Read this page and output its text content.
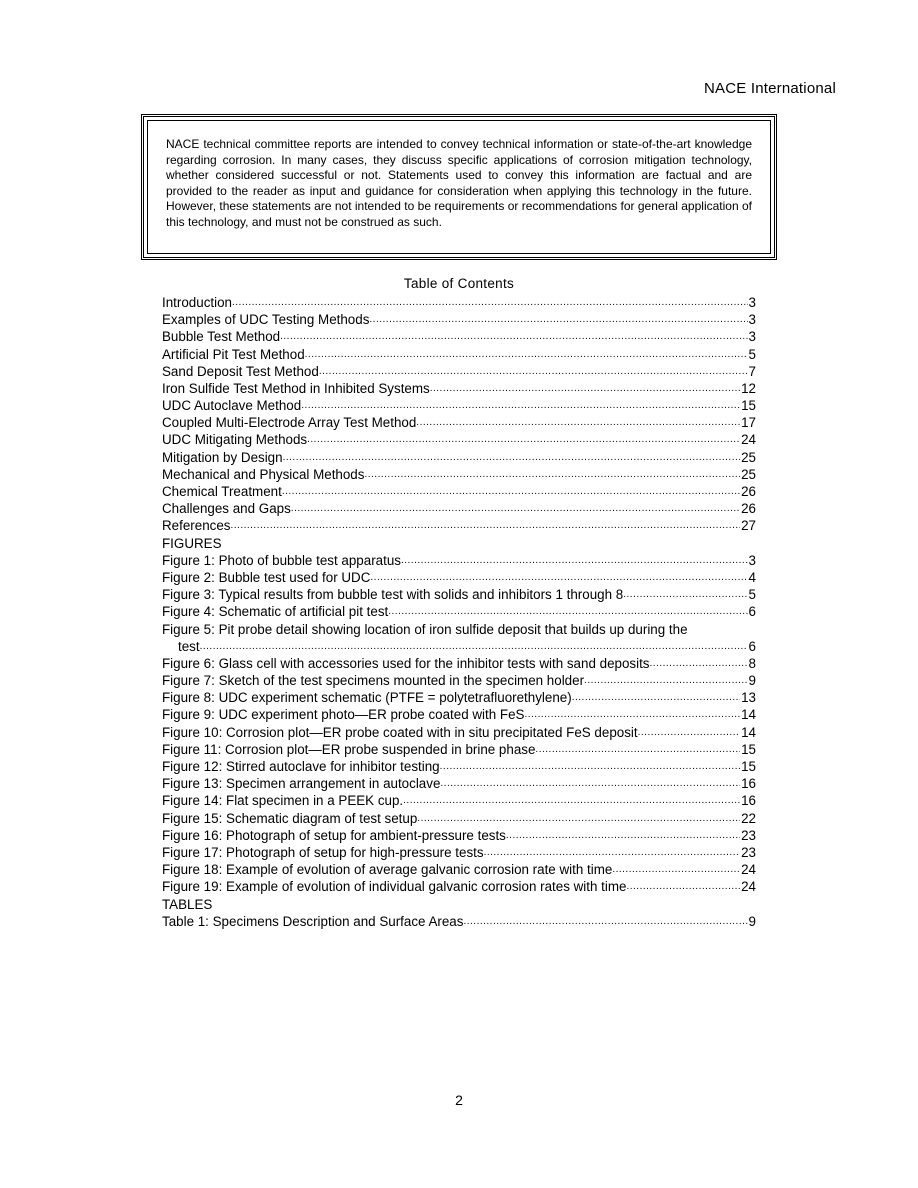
NACE International

NACE technical committee reports are intended to convey technical information or state-of-the-art knowledge regarding corrosion. In many cases, they discuss specific applications of corrosion mitigation technology, whether considered successful or not. Statements used to convey this information are factual and are provided to the reader as input and guidance for consideration when applying this technology in the future. However, these statements are not intended to be requirements or recommendations for general application of this technology, and must not be construed as such.

Table of Contents
Introduction .....	3
Examples of UDC Testing Methods .....	3
Bubble Test Method .....	3
Artificial Pit Test Method .....	5
Sand Deposit Test Method .....	7
Iron Sulfide Test Method in Inhibited Systems .....	12
UDC Autoclave Method .....	15
Coupled Multi-Electrode Array Test Method .....	17
UDC Mitigating Methods .....	24
Mitigation by Design .....	25
Mechanical and Physical Methods .....	25
Chemical Treatment .....	26
Challenges and Gaps .....	26
References .....	27
FIGURES
Figure 1: Photo of bubble test apparatus .....	3
Figure 2: Bubble test used for UDC .....	4
Figure 3: Typical results from bubble test with solids and inhibitors 1 through 8 .....	5
Figure 4: Schematic of artificial pit test .....	6
Figure 5: Pit probe detail showing location of iron sulfide deposit that builds up during the
test .....	6
Figure 6: Glass cell with accessories used for the inhibitor tests with sand deposits .....	8
Figure 7: Sketch of the test specimens mounted in the specimen holder .....	9
Figure 8: UDC experiment schematic (PTFE = polytetrafluorethylene) .....	13
Figure 9: UDC experiment photo—ER probe coated with FeS .....	14
Figure 10: Corrosion plot—ER probe coated with in situ precipitated FeS deposit .....	14
Figure 11: Corrosion plot—ER probe suspended in brine phase .....	15
Figure 12: Stirred autoclave for inhibitor testing .....	15
Figure 13: Specimen arrangement in autoclave .....	16
Figure 14: Flat specimen in a PEEK cup. .....	16
Figure 15: Schematic diagram of test setup .....	22
Figure 16: Photograph of setup for ambient-pressure tests .....	23
Figure 17: Photograph of setup for high-pressure tests .....	23
Figure 18: Example of evolution of average galvanic corrosion rate with time .....	24
Figure 19: Example of evolution of individual galvanic corrosion rates with time .....	24
TABLES
Table 1: Specimens Description and Surface Areas .....	9
2
